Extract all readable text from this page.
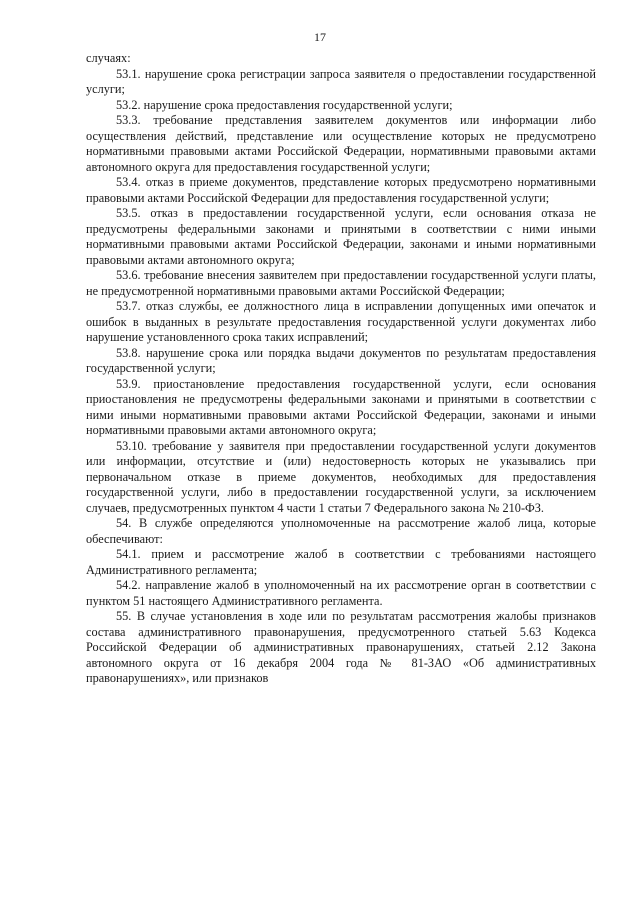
17

случаях:

53.1. нарушение срока регистрации запроса заявителя о предоставлении государственной услуги;

53.2. нарушение срока предоставления государственной услуги;

53.3. требование представления заявителем документов или информации либо осуществления действий, представление или осуществление которых не предусмотрено нормативными правовыми актами Российской Федерации, нормативными правовыми актами автономного округа для предоставления государственной услуги;

53.4. отказ в приеме документов, представление которых предусмотрено нормативными правовыми актами Российской Федерации для предоставления государственной услуги;

53.5. отказ в предоставлении государственной услуги, если основания отказа не предусмотрены федеральными законами и принятыми в соответствии с ними иными нормативными правовыми актами Российской Федерации, законами и иными нормативными правовыми актами автономного округа;

53.6. требование внесения заявителем при предоставлении государственной услуги платы, не предусмотренной нормативными правовыми актами Российской Федерации;

53.7. отказ службы, ее должностного лица в исправлении допущенных ими опечаток и ошибок в выданных в результате предоставления государственной услуги документах либо нарушение установленного срока таких исправлений;

53.8. нарушение срока или порядка выдачи документов по результатам предоставления государственной услуги;

53.9. приостановление предоставления государственной услуги, если основания приостановления не предусмотрены федеральными законами и принятыми в соответствии с ними иными нормативными правовыми актами Российской Федерации, законами и иными нормативными правовыми актами автономного округа;

53.10. требование у заявителя при предоставлении государственной услуги документов или информации, отсутствие и (или) недостоверность которых не указывались при первоначальном отказе в приеме документов, необходимых для предоставления государственной услуги, либо в предоставлении государственной услуги, за исключением случаев, предусмотренных пунктом 4 части 1 статьи 7 Федерального закона № 210-ФЗ.

54. В службе определяются уполномоченные на рассмотрение жалоб лица, которые обеспечивают:

54.1. прием и рассмотрение жалоб в соответствии с требованиями настоящего Административного регламента;

54.2. направление жалоб в уполномоченный на их рассмотрение орган в соответствии с пунктом 51 настоящего Административного регламента.

55. В случае установления в ходе или по результатам рассмотрения жалобы признаков состава административного правонарушения, предусмотренного статьей 5.63 Кодекса Российской Федерации об административных правонарушениях, статьей 2.12 Закона автономного округа от 16 декабря 2004 года № 81-ЗАО «Об административных правонарушениях», или признаков
